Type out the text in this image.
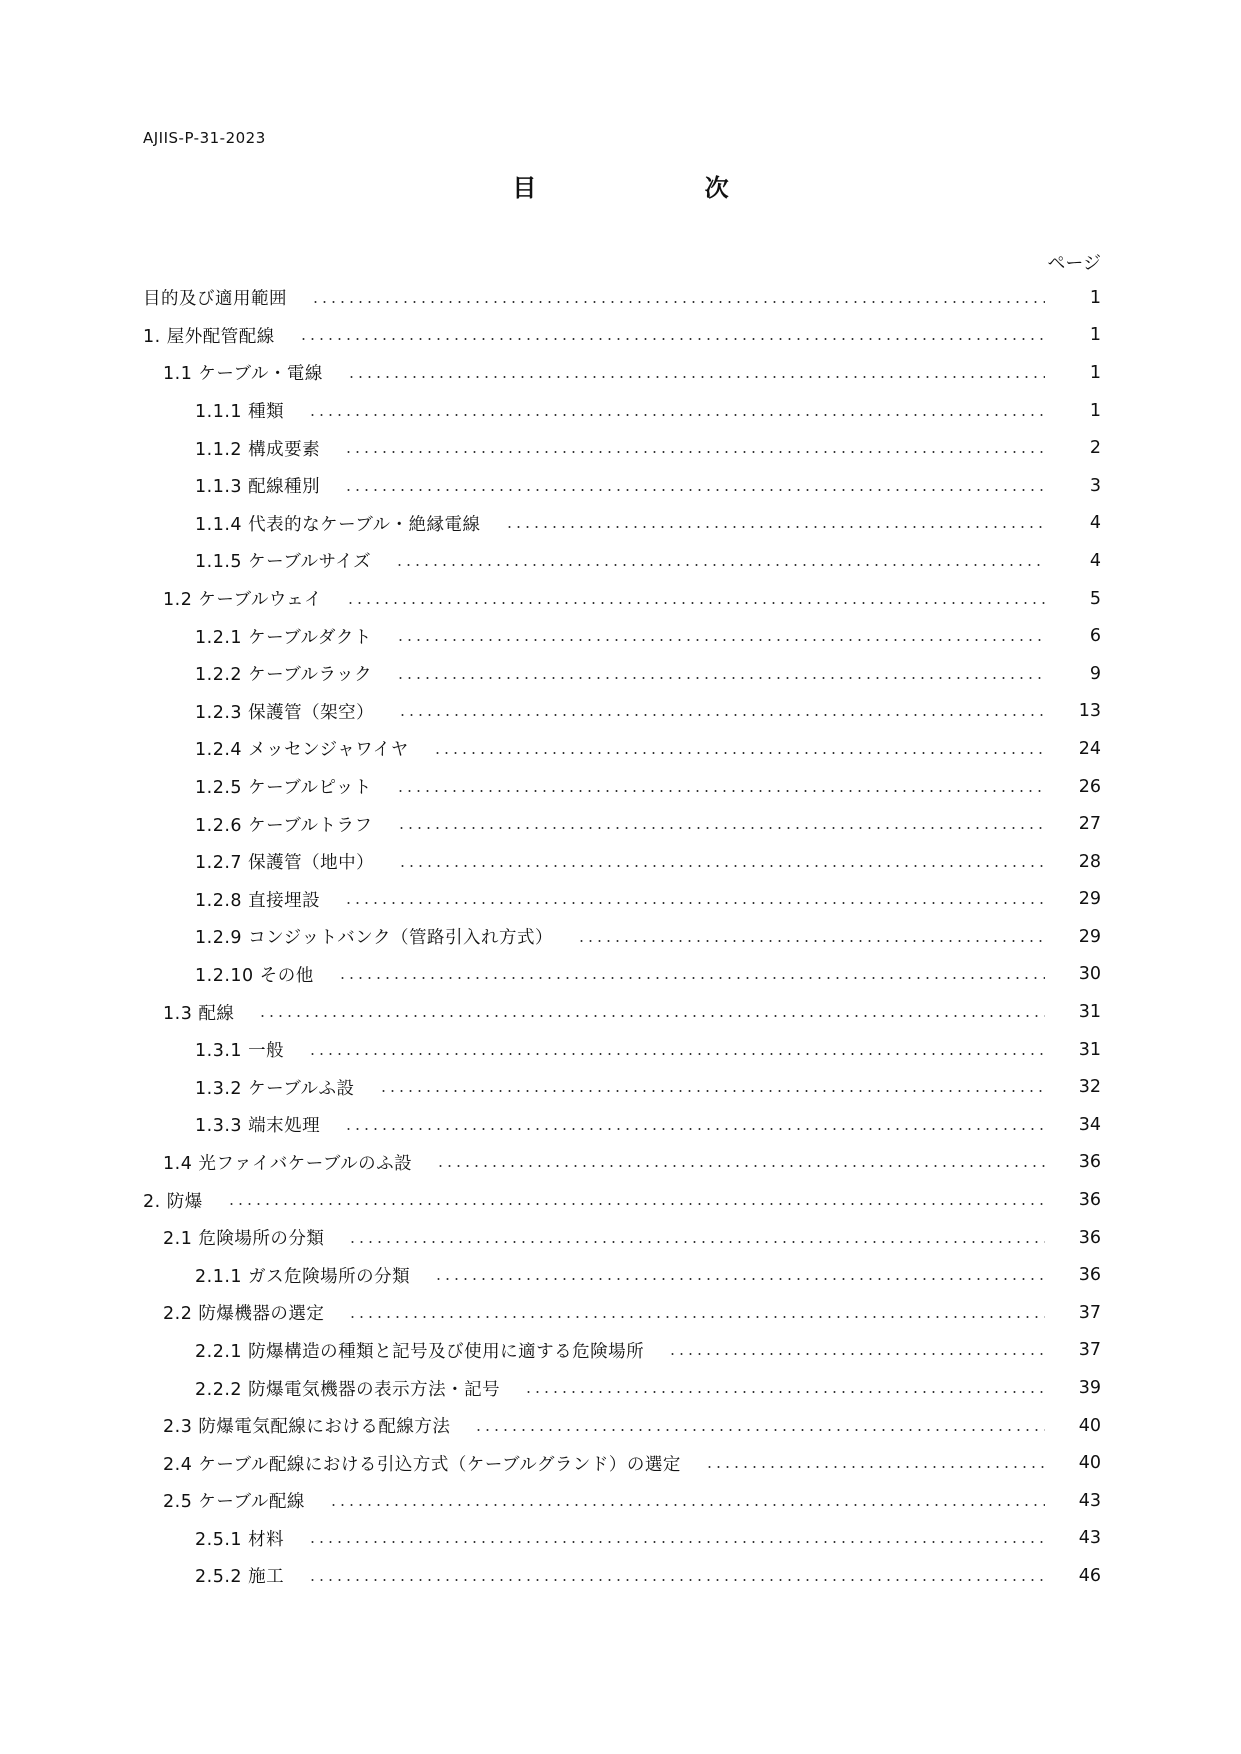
AJIIS-P-31-2023
目 次
ページ
目的及び適用範囲	1
1. 屋外配管配線	1
1.1 ケーブル・電線	1
1.1.1 種類	1
1.1.2 構成要素	2
1.1.3 配線種別	3
1.1.4 代表的なケーブル・絶縁電線	4
1.1.5 ケーブルサイズ	4
1.2 ケーブルウェイ	5
1.2.1 ケーブルダクト	6
1.2.2 ケーブルラック	9
1.2.3 保護管（架空）	13
1.2.4 メッセンジャワイヤ	24
1.2.5 ケーブルピット	26
1.2.6 ケーブルトラフ	27
1.2.7 保護管（地中）	28
1.2.8 直接埋設	29
1.2.9 コンジットバンク（管路引入れ方式）	29
1.2.10 その他	30
1.3 配線	31
1.3.1 一般	31
1.3.2 ケーブルふ設	32
1.3.3 端末処理	34
1.4 光ファイバケーブルのふ設	36
2. 防爆	36
2.1 危険場所の分類	36
2.1.1 ガス危険場所の分類	36
2.2 防爆機器の選定	37
2.2.1 防爆構造の種類と記号及び使用に適する危険場所	37
2.2.2 防爆電気機器の表示方法・記号	39
2.3 防爆電気配線における配線方法	40
2.4 ケーブル配線における引込方式（ケーブルグランド）の選定	40
2.5 ケーブル配線	43
2.5.1 材料	43
2.5.2 施工	46
